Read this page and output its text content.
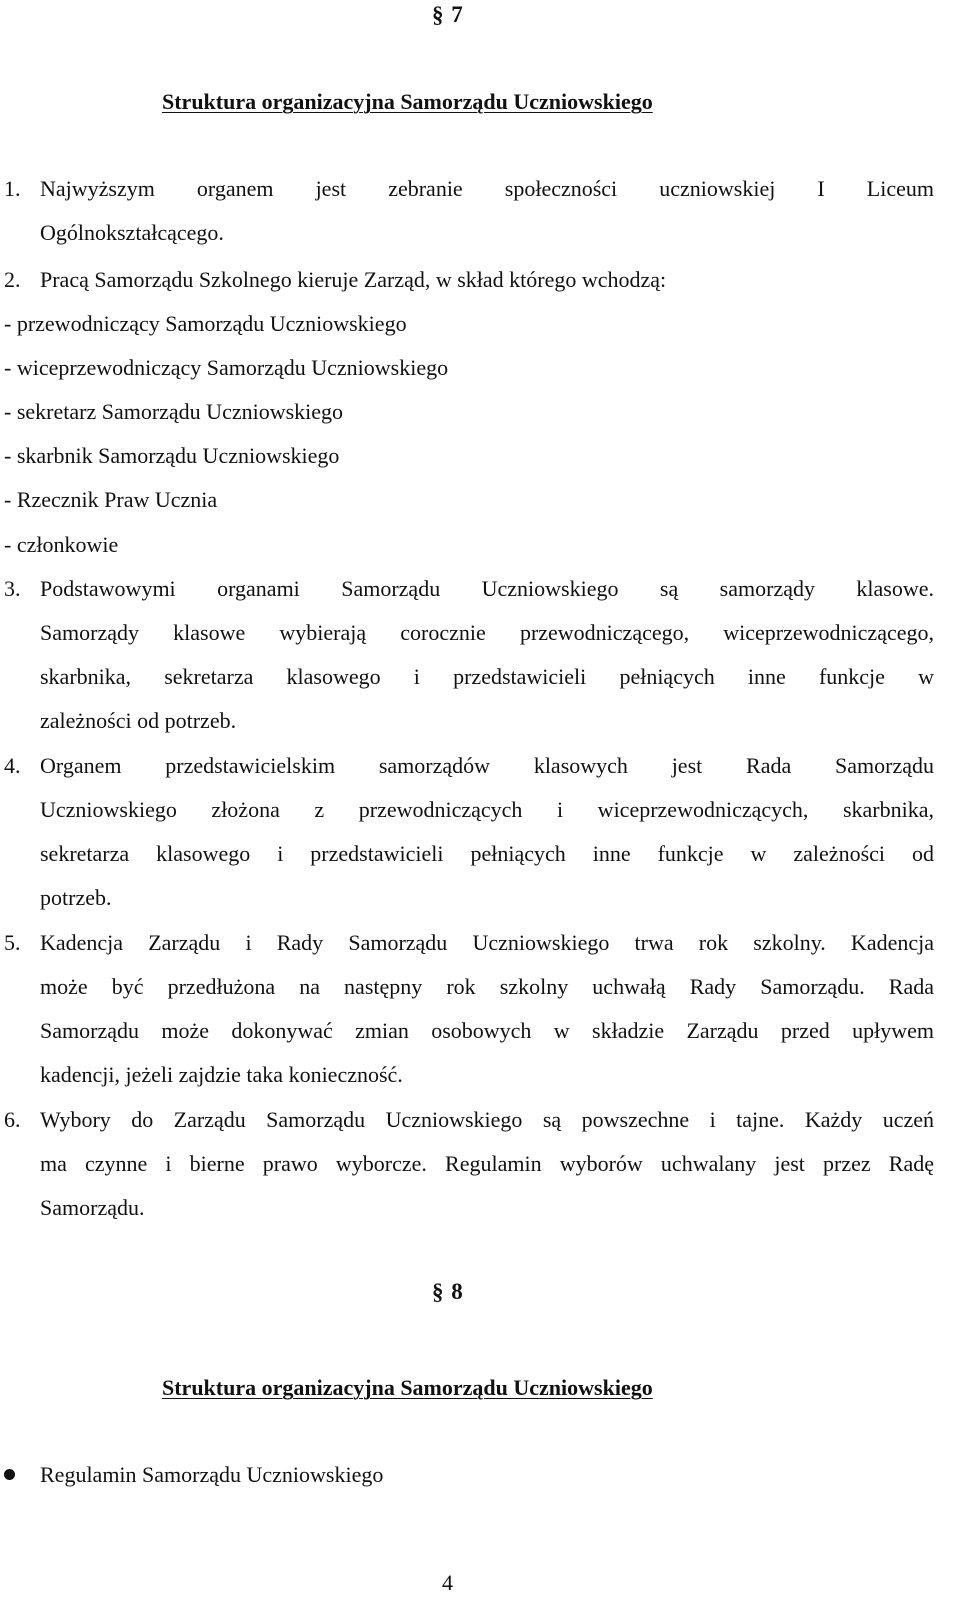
§ 7
Struktura organizacyjna Samorządu Uczniowskiego
1. Najwyższym organem jest zebranie społeczności uczniowskiej I Liceum
Ogólnokształcącego.
2. Pracą Samorządu Szkolnego kieruje Zarząd, w skład którego wchodzą:
- przewodniczący Samorządu Uczniowskiego
- wiceprzewodniczący Samorządu Uczniowskiego
- sekretarz Samorządu Uczniowskiego
- skarbnik Samorządu Uczniowskiego
- Rzecznik Praw Ucznia
- członkowie
3. Podstawowymi organami Samorządu Uczniowskiego są samorządy klasowe.
Samorządy klasowe wybierają corocznie przewodniczącego, wiceprzewodniczącego,
skarbnika, sekretarza klasowego i przedstawicieli pełniących inne funkcje w
zależności od potrzeb.
4. Organem przedstawicielskim samorządów klasowych jest Rada Samorządu
Uczniowskiego złożona z przewodniczących i wiceprzewodniczących, skarbnika,
sekretarza klasowego i przedstawicieli pełniących inne funkcje w zależności od
potrzeb.
5. Kadencja Zarządu i Rady Samorządu Uczniowskiego trwa rok szkolny. Kadencja
może być przedłużona na następny rok szkolny uchwałą Rady Samorządu. Rada
Samorządu może dokonywać zmian osobowych w składzie Zarządu przed upływem
kadencji, jeżeli zajdzie taka konieczność.
6. Wybory do Zarządu Samorządu Uczniowskiego są powszechne i tajne. Każdy uczeń
ma czynne i bierne prawo wyborcze. Regulamin wyborów uchwalany jest przez Radę
Samorządu.
§ 8
Struktura organizacyjna Samorządu Uczniowskiego
Regulamin Samorządu Uczniowskiego
4
